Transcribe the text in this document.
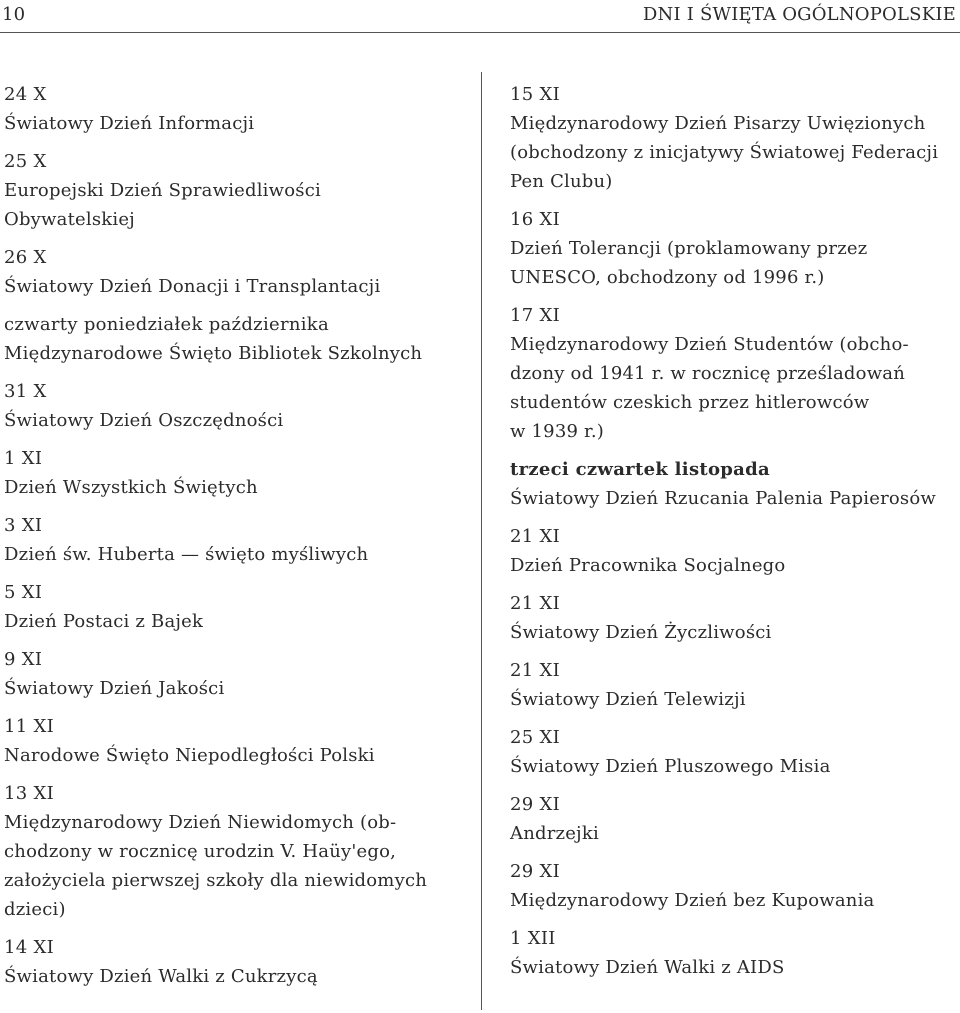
10	DNI I ŚWIĘTA OGÓLNOPOLSKIE
24 X
Światowy Dzień Informacji
25 X
Europejski Dzień Sprawiedliwości
Obywatelskiej
26 X
Światowy Dzień Donacji i Transplantacji
czwarty poniedziałek października
Międzynarodowe Święto Bibliotek Szkolnych
31 X
Światowy Dzień Oszczędności
1 XI
Dzień Wszystkich Świętych
3 XI
Dzień św. Huberta — święto myśliwych
5 XI
Dzień Postaci z Bajek
9 XI
Światowy Dzień Jakości
11 XI
Narodowe Święto Niepodległości Polski
13 XI
Międzynarodowy Dzień Niewidomych (ob-
chodzony w rocznicę urodzin V. Haüy'ego,
założyciela pierwszej szkoły dla niewidomych
dzieci)
14 XI
Światowy Dzień Walki z Cukrzycą
15 XI
Międzynarodowy Dzień Pisarzy Uwięzionych
(obchodzony z inicjatywy Światowej Federacji
Pen Clubu)
16 XI
Dzień Tolerancji (proklamowany przez
UNESCO, obchodzony od 1996 r.)
17 XI
Międzynarodowy Dzień Studentów (obcho-
dzony od 1941 r. w rocznicę prześladowań
studentów czeskich przez hitlerowców
w 1939 r.)
trzeci czwartek listopada
Światowy Dzień Rzucania Palenia Papierosów
21 XI
Dzień Pracownika Socjalnego
21 XI
Światowy Dzień Życzliwości
21 XI
Światowy Dzień Telewizji
25 XI
Światowy Dzień Pluszowego Misia
29 XI
Andrzejki
29 XI
Międzynarodowy Dzień bez Kupowania
1 XII
Światowy Dzień Walki z AIDS
